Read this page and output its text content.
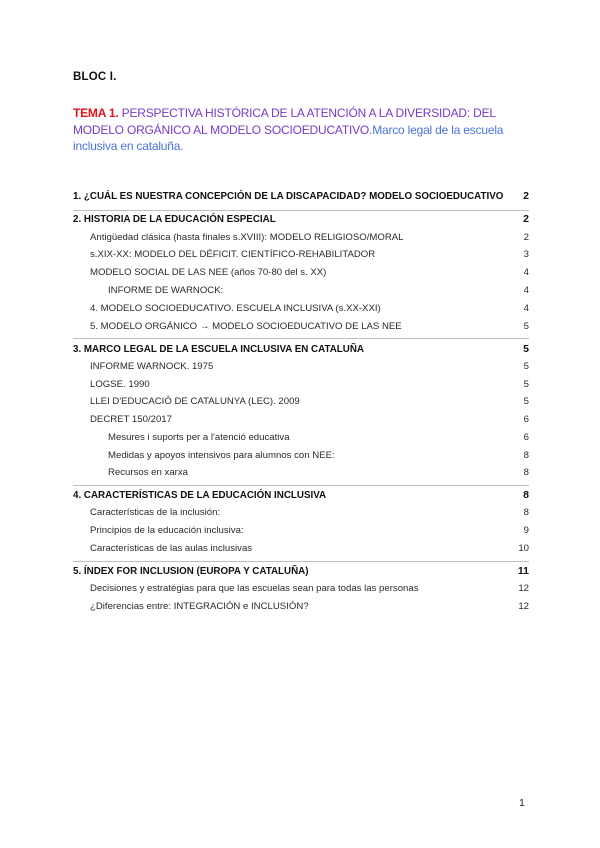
BLOC I.
TEMA 1. PERSPECTIVA HISTÓRICA DE LA ATENCIÓN A LA DIVERSIDAD: DEL MODELO ORGÁNICO AL MODELO SOCIOEDUCATIVO.Marco legal de la escuela inclusiva en cataluña.
1. ¿CUÁL ES NUESTRA CONCEPCIÓN DE LA DISCAPACIDAD? MODELO SOCIOEDUCATIVO	2
2. HISTORIA DE LA EDUCACIÓN ESPECIAL	2
Antigüedad clásica (hasta finales s.XVIII): MODELO RELIGIOSO/MORAL	2
s.XIX-XX: MODELO DEL DÉFICIT. CIENTÍFICO-REHABILITADOR	3
MODELO SOCIAL DE LAS NEE (años 70-80 del s. XX)	4
INFORME DE WARNOCK:	4
4. MODELO SOCIOEDUCATIVO. ESCUELA INCLUSIVA (s.XX-XXI)	4
5. MODELO ORGÁNICO → MODELO SOCIOEDUCATIVO DE LAS NEE	5
3. MARCO LEGAL DE LA ESCUELA INCLUSIVA EN CATALUÑA	5
INFORME WARNOCK. 1975	5
LOGSE. 1990	5
LLEI D'EDUCACIÓ DE CATALUNYA (LEC). 2009	5
DECRET 150/2017	6
Mesures i suports per a l'atenció educativa	6
Medidas y apoyos intensivos para alumnos con NEE:	8
Recursos en xarxa	8
4. CARACTERÍSTICAS DE LA EDUCACIÓN INCLUSIVA	8
Características de la inclusión:	8
Principios de la educación inclusiva:	9
Características de las aulas inclusivas	10
5. ÍNDEX FOR INCLUSION (EUROPA Y CATALUÑA)	11
Decisiones y estratégias para que las escuelas sean para todas las personas	12
¿Diferencias entre: INTEGRACIÓN e INCLUSIÓN?	12
1
